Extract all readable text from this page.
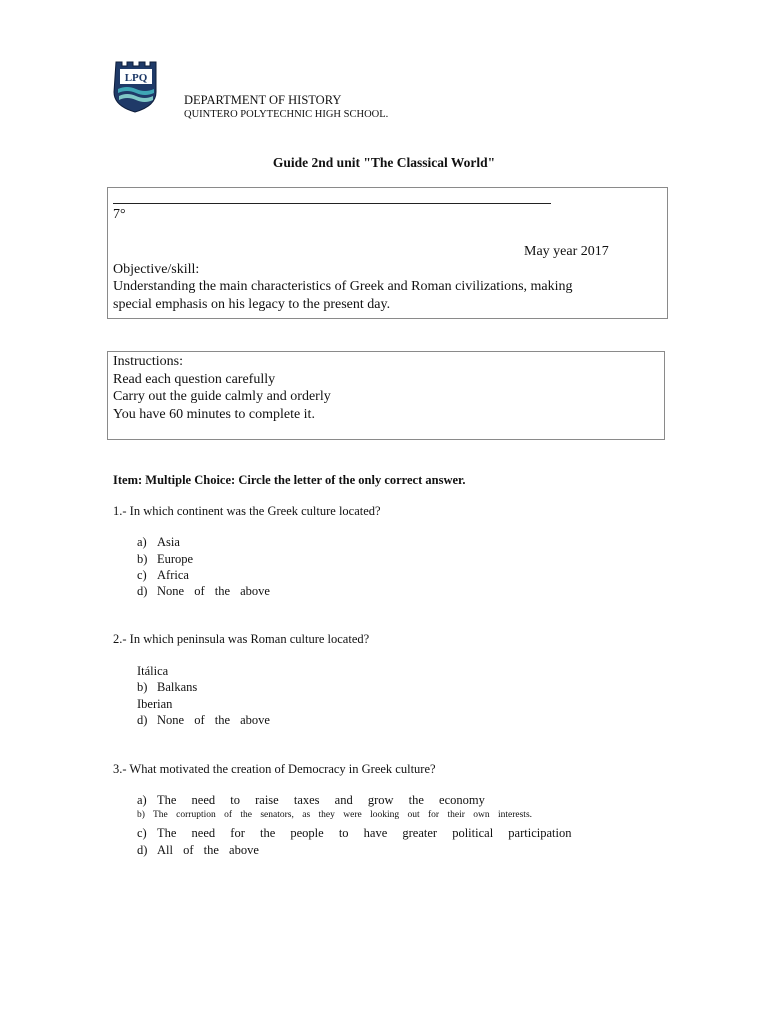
LPQ
DEPARTMENT OF HISTORY
QUINTERO POLYTECHNIC HIGH SCHOOL.
Guide 2nd unit "The Classical World"
7°
May year 2017
Objective/skill:
Understanding the main characteristics of Greek and Roman civilizations, making
special emphasis on his legacy to the present day.
Instructions:
Read each question carefully
Carry out the guide calmly and orderly
You have 60 minutes to complete it.
Item: Multiple Choice: Circle the letter of the only correct answer.
1.- In which continent was the Greek culture located?
a) Asia
b) Europe
c) Africa
d) None of the above
2.- In which peninsula was Roman culture located?
Itálica
b) Balkans
Iberian
d) None of the above
3.- What motivated the creation of Democracy in Greek culture?
a) The need to raise taxes and grow the economy
b) The corruption of the senators, as they were looking out for their own interests.
c) The need for the people to have greater political participation
d) All of the above
